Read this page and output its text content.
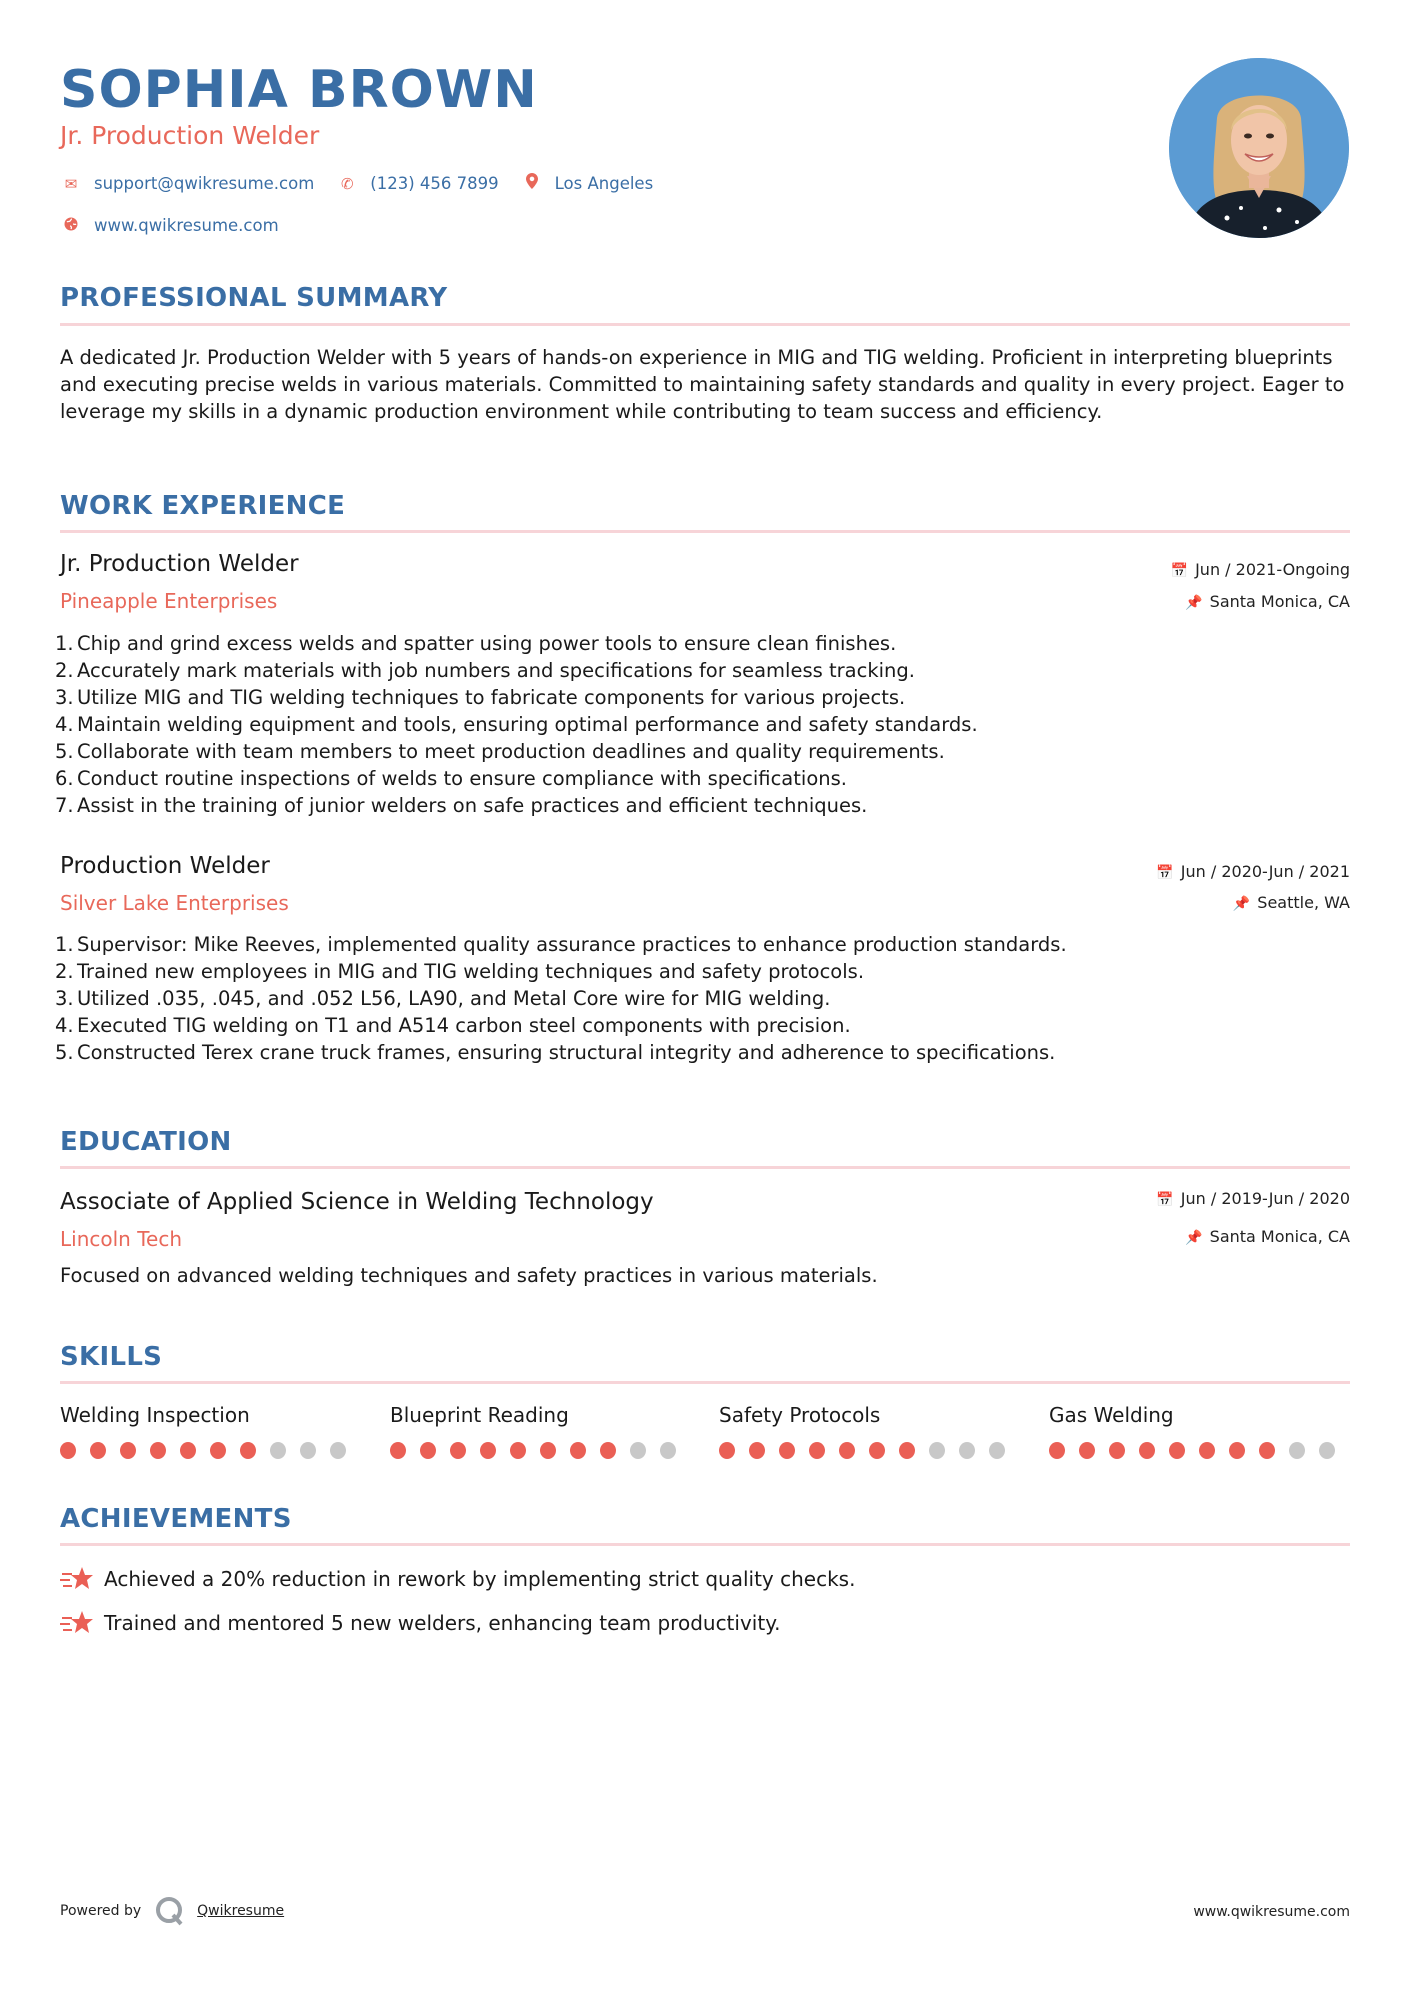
SOPHIA BROWN
Jr. Production Welder
✉ support@qwikresume.com	✆ (123) 456 7899	Los Angeles
www.qwikresume.com
PROFESSIONAL SUMMARY
A dedicated Jr. Production Welder with 5 years of hands-on experience in MIG and TIG welding. Proficient in interpreting blueprints and executing precise welds in various materials. Committed to maintaining safety standards and quality in every project. Eager to leverage my skills in a dynamic production environment while contributing to team success and efficiency.
WORK EXPERIENCE
Jr. Production Welder
Pineapple Enterprises
📅 Jun / 2021-Ongoing
📌 Santa Monica, CA
1. Chip and grind excess welds and spatter using power tools to ensure clean finishes.
2. Accurately mark materials with job numbers and specifications for seamless tracking.
3. Utilize MIG and TIG welding techniques to fabricate components for various projects.
4. Maintain welding equipment and tools, ensuring optimal performance and safety standards.
5. Collaborate with team members to meet production deadlines and quality requirements.
6. Conduct routine inspections of welds to ensure compliance with specifications.
7. Assist in the training of junior welders on safe practices and efficient techniques.
Production Welder
Silver Lake Enterprises
📅 Jun / 2020-Jun / 2021
📌 Seattle, WA
1. Supervisor: Mike Reeves, implemented quality assurance practices to enhance production standards.
2. Trained new employees in MIG and TIG welding techniques and safety protocols.
3. Utilized .035, .045, and .052 L56, LA90, and Metal Core wire for MIG welding.
4. Executed TIG welding on T1 and A514 carbon steel components with precision.
5. Constructed Terex crane truck frames, ensuring structural integrity and adherence to specifications.
EDUCATION
Associate of Applied Science in Welding Technology
Lincoln Tech
📅 Jun / 2019-Jun / 2020
📌 Santa Monica, CA
Focused on advanced welding techniques and safety practices in various materials.
SKILLS
Welding Inspection	Blueprint Reading	Safety Protocols	Gas Welding
ACHIEVEMENTS
Achieved a 20% reduction in rework by implementing strict quality checks.
Trained and mentored 5 new welders, enhancing team productivity.
Powered by	Qwikresume	www.qwikresume.com
